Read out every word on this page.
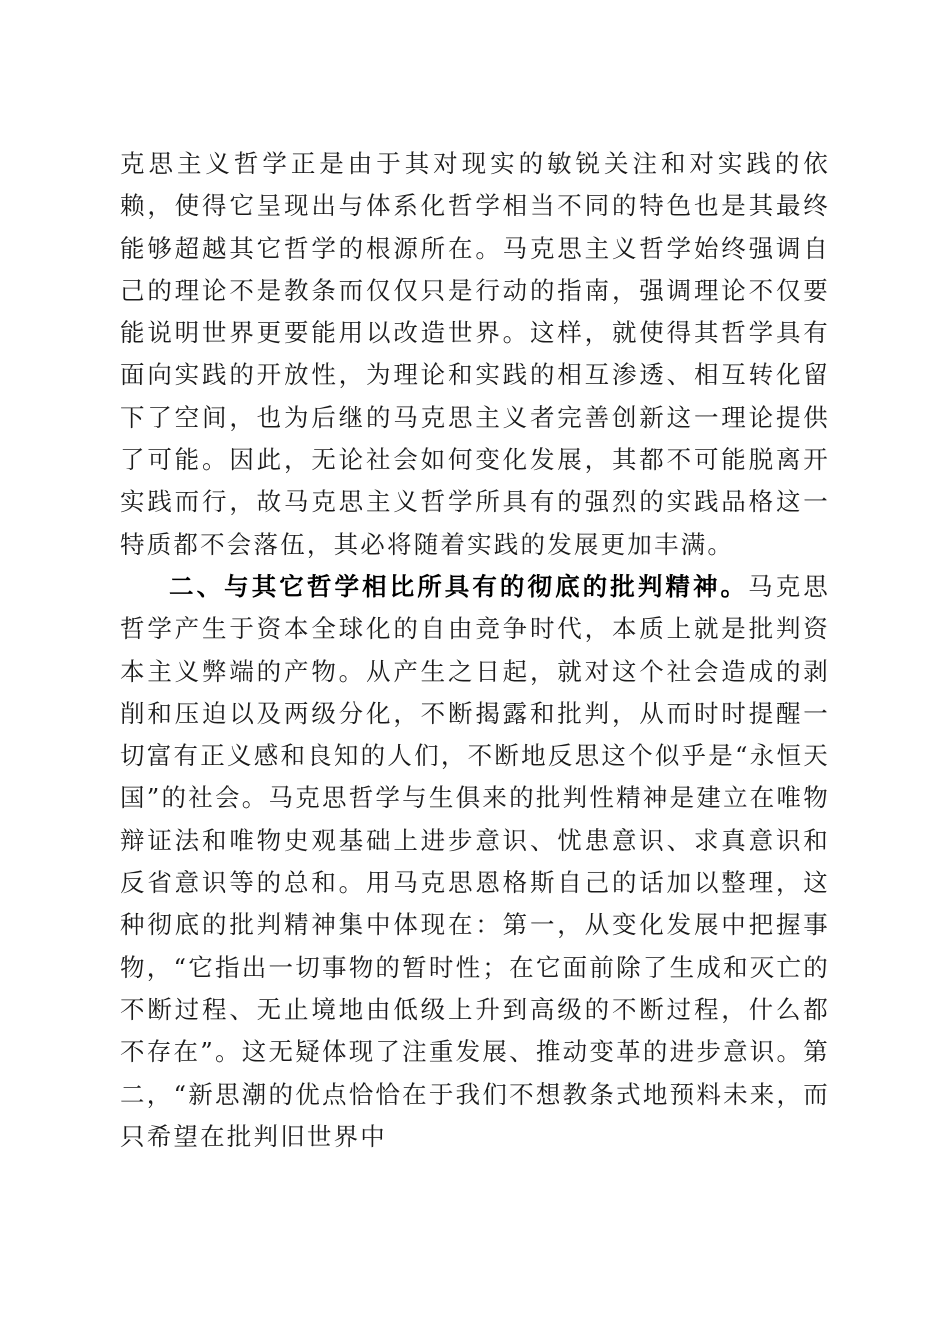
克思主义哲学正是由于其对现实的敏锐关注和对实践的依赖，使得它呈现出与体系化哲学相当不同的特色也是其最终能够超越其它哲学的根源所在。马克思主义哲学始终强调自己的理论不是教条而仅仅只是行动的指南，强调理论不仅要能说明世界更要能用以改造世界。这样，就使得其哲学具有面向实践的开放性，为理论和实践的相互渗透、相互转化留下了空间，也为后继的马克思主义者完善创新这一理论提供了可能。因此，无论社会如何变化发展，其都不可能脱离开实践而行，故马克思主义哲学所具有的强烈的实践品格这一特质都不会落伍，其必将随着实践的发展更加丰满。

二、与其它哲学相比所具有的彻底的批判精神。马克思哲学产生于资本全球化的自由竞争时代，本质上就是批判资本主义弊端的产物。从产生之日起，就对这个社会造成的剥削和压迫以及两级分化，不断揭露和批判，从而时时提醒一切富有正义感和良知的人们，不断地反思这个似乎是“永恒天国”的社会。马克思哲学与生俱来的批判性精神是建立在唯物辩证法和唯物史观基础上进步意识、忧患意识、求真意识和反省意识等的总和。用马克思恩格斯自己的话加以整理，这种彻底的批判精神集中体现在：第一，从变化发展中把握事物，“它指出一切事物的暂时性；在它面前除了生成和灭亡的不断过程、无止境地由低级上升到高级的不断过程，什么都不存在”。这无疑体现了注重发展、推动变革的进步意识。第二，“新思潮的优点恰恰在于我们不想教条式地预料未来，而只希望在批判旧世界中
